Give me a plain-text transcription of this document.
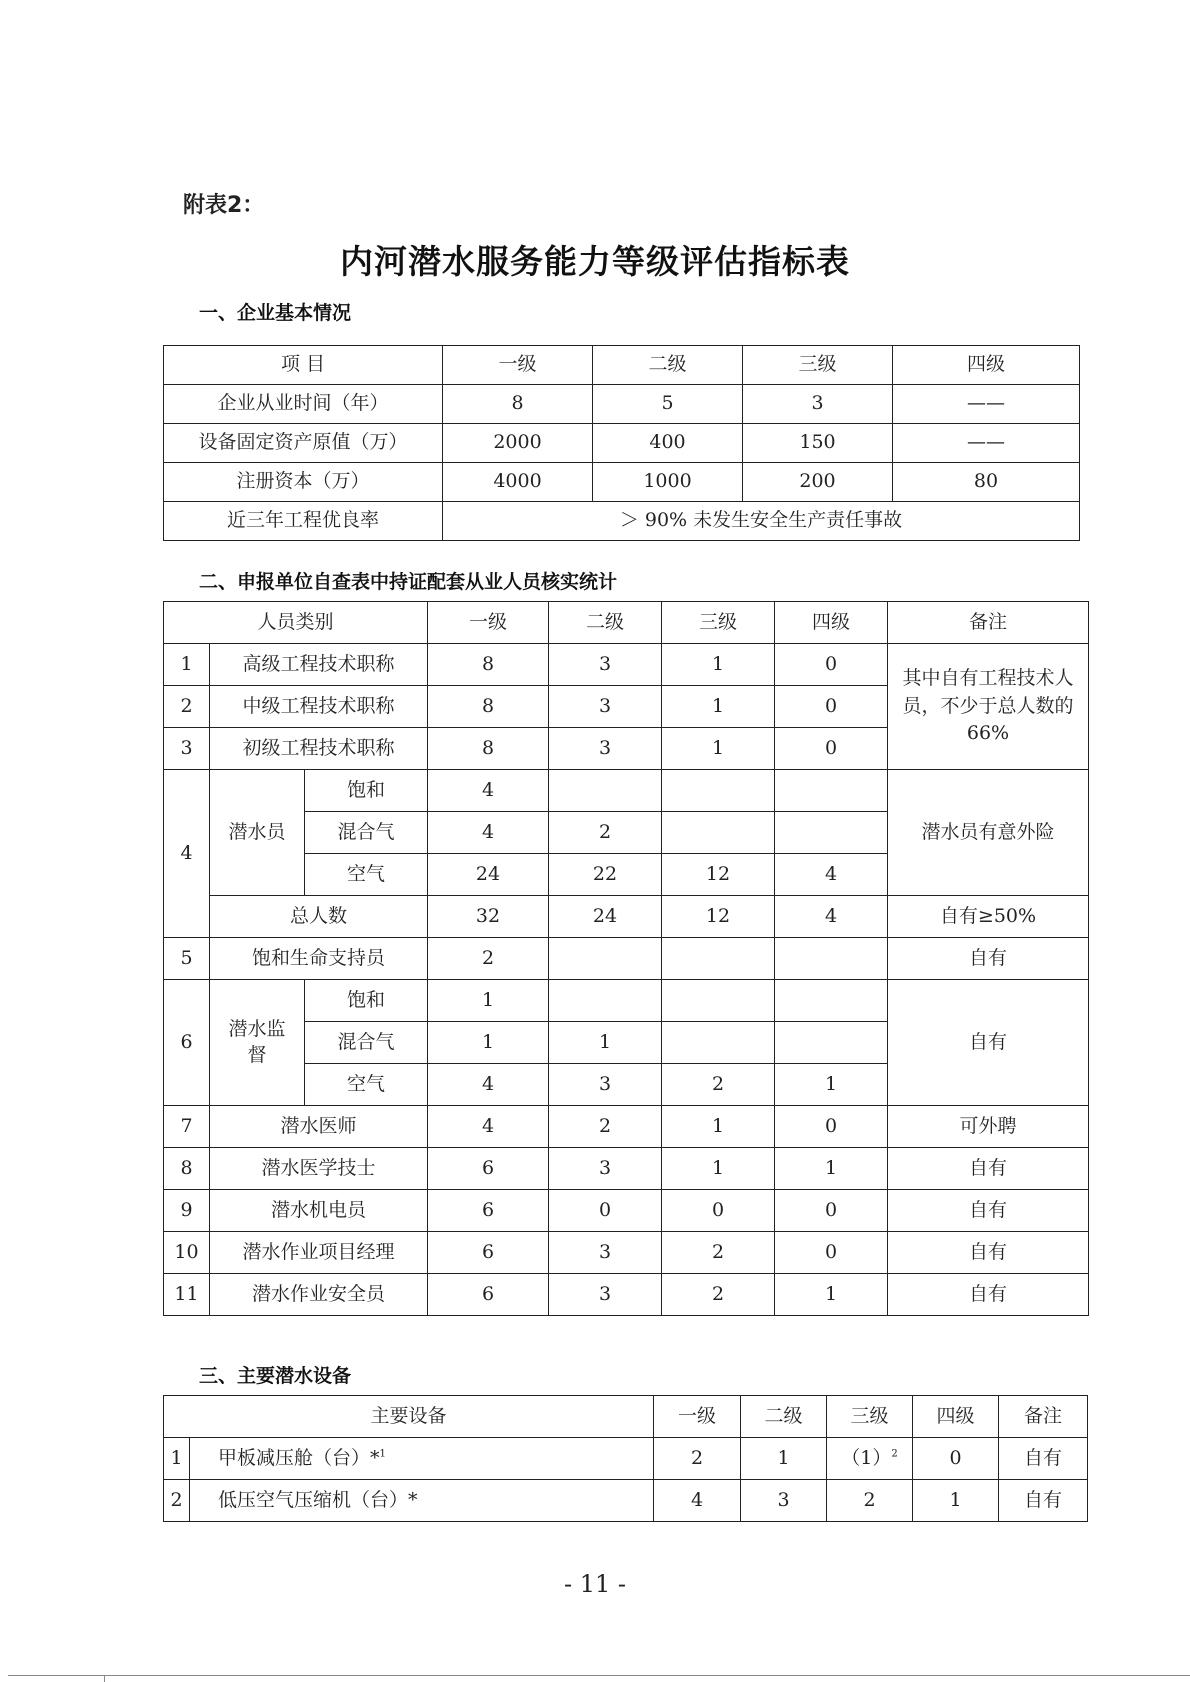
附表2：
内河潜水服务能力等级评估指标表
一、企业基本情况
项 目	一级	二级	三级	四级
企业从业时间（年）	8	5	3	——
设备固定资产原值（万）	2000	400	150	——
注册资本（万）	4000	1000	200	80
近三年工程优良率	＞ 90% 未发生安全生产责任事故			
二、申报单位自查表中持证配套从业人员核实统计
人员类别			一级	二级	三级	四级	备注
1	高级工程技术职称		8	3	1	0	其中自有工程技术人员，不少于总人数的66%
2	中级工程技术职称		8	3	1	0	
3	初级工程技术职称		8	3	1	0	
4	潜水员	饱和	4				潜水员有意外险
		混合气	4	2			
		空气	24	22	12	4	
	总人数		32	24	12	4	自有≥50%
5	饱和生命支持员		2				自有
6	潜水监督	饱和	1				自有
		混合气	1	1			
		空气	4	3	2	1	
7	潜水医师		4	2	1	0	可外聘
8	潜水医学技士		6	3	1	1	自有
9	潜水机电员		6	0	0	0	自有
10	潜水作业项目经理		6	3	2	0	自有
11	潜水作业安全员		6	3	2	1	自有
三、主要潜水设备
主要设备		一级	二级	三级	四级	备注
1	甲板减压舱（台）*$^1$	2	1	$(1)^2$	0	自有
2	低压空气压缩机（台）*	4	3	2	1	自有
- 11 -
